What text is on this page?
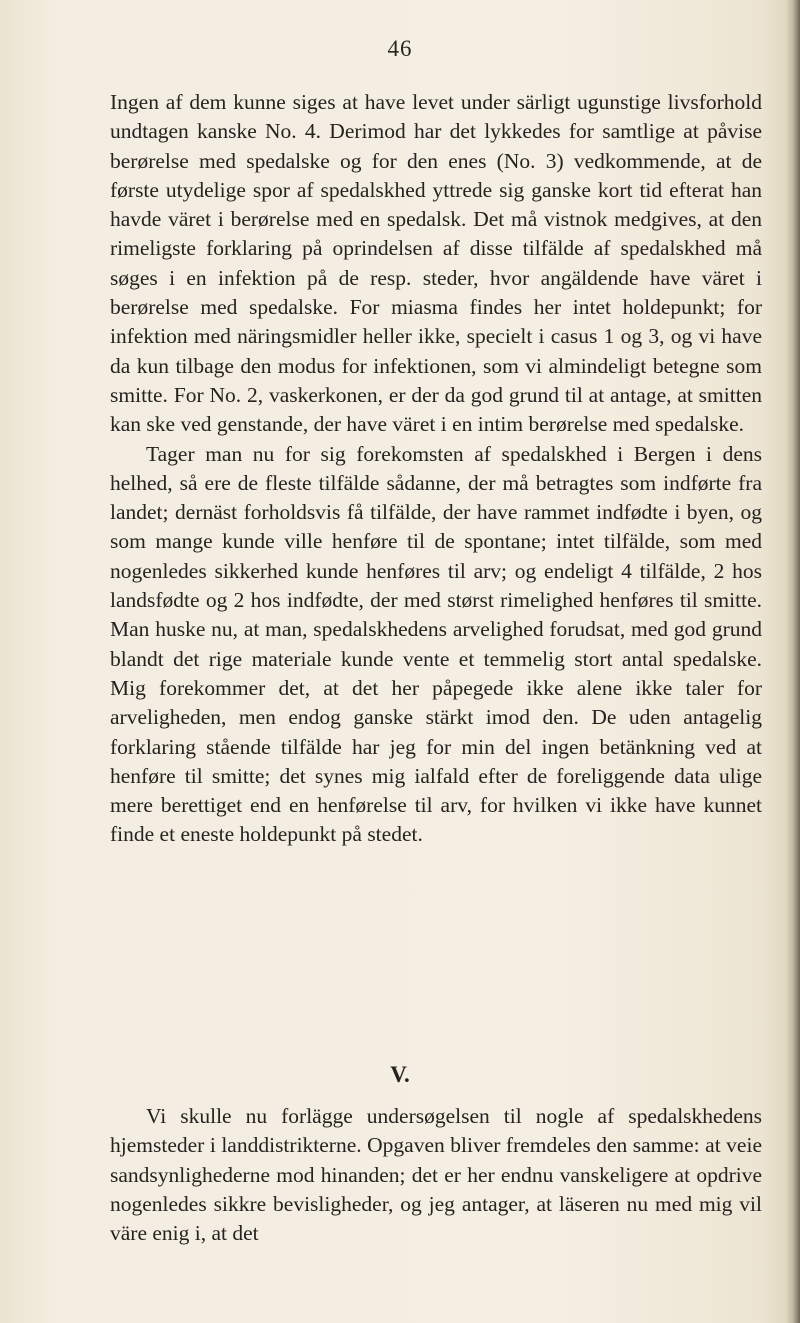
46

Ingen af dem kunne siges at have levet under särligt ugunstige livsforhold undtagen kanske No. 4. Derimod har det lykkedes for samtlige at påvise berørelse med spedalske og for den enes (No. 3) vedkommende, at de første utydelige spor af spedalskhed yttrede sig ganske kort tid efterat han havde väret i berørelse med en spedalsk. Det må vistnok medgives, at den rimeligste forklaring på oprindelsen af disse tilfälde af spedalskhed må søges i en infektion på de resp. steder, hvor angäldende have väret i berørelse med spedalske. For miasma findes her intet holdepunkt; for infektion med näringsmidler heller ikke, specielt i casus 1 og 3, og vi have da kun tilbage den modus for infektionen, som vi almindeligt betegne som smitte. For No. 2, vaskerkonen, er der da god grund til at antage, at smitten kan ske ved genstande, der have väret i en intim berørelse med spedalske.

Tager man nu for sig forekomsten af spedalskhed i Bergen i dens helhed, så ere de fleste tilfälde sådanne, der må betragtes som indførte fra landet; dernäst forholdsvis få tilfälde, der have rammet indfødte i byen, og som mange kunde ville henføre til de spontane; intet tilfälde, som med nogenledes sikkerhed kunde henføres til arv; og endeligt 4 tilfälde, 2 hos landsfødte og 2 hos indfødte, der med størst rimelighed henføres til smitte. Man huske nu, at man, spedalskhedens arvelighed forudsat, med god grund blandt det rige materiale kunde vente et temmelig stort antal spedalske. Mig forekommer det, at det her påpegede ikke alene ikke taler for arveligheden, men endog ganske stärkt imod den. De uden antagelig forklaring stående tilfälde har jeg for min del ingen betänkning ved at henføre til smitte; det synes mig ialfald efter de foreliggende data ulige mere berettiget end en henførelse til arv, for hvilken vi ikke have kunnet finde et eneste holdepunkt på stedet.

V.

Vi skulle nu forlägge undersøgelsen til nogle af spedalskhedens hjemsteder i landdistrikterne. Opgaven bliver fremdeles den samme: at veie sandsynlighederne mod hinanden; det er her endnu vanskeligere at opdrive nogenledes sikkre bevisligheder, og jeg antager, at läseren nu med mig vil väre enig i, at det
